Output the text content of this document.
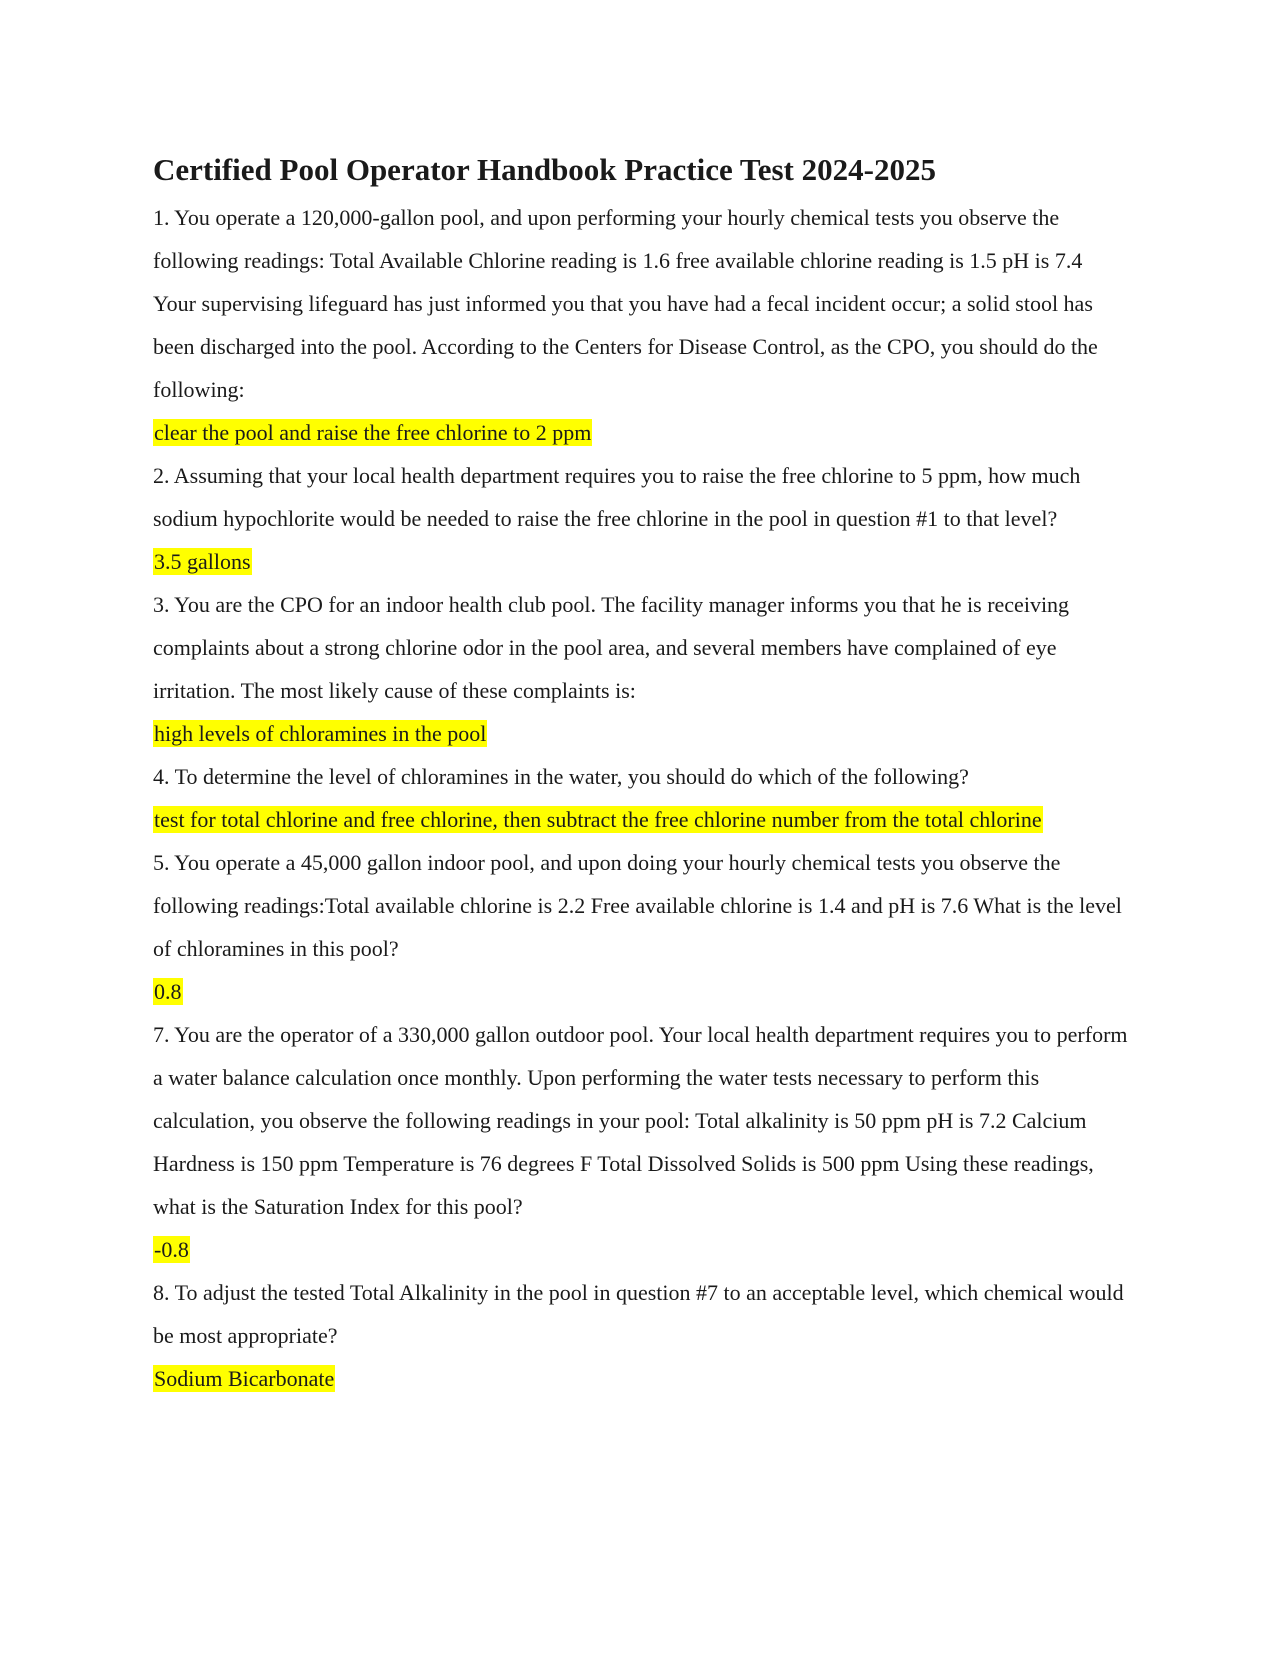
Certified Pool Operator Handbook Practice Test 2024-2025

1. You operate a 120,000-gallon pool, and upon performing your hourly chemical tests you observe the following readings: Total Available Chlorine reading is 1.6 free available chlorine reading is 1.5 pH is 7.4 Your supervising lifeguard has just informed you that you have had a fecal incident occur; a solid stool has been discharged into the pool. According to the Centers for Disease Control, as the CPO, you should do the following:

clear the pool and raise the free chlorine to 2 ppm

2. Assuming that your local health department requires you to raise the free chlorine to 5 ppm, how much sodium hypochlorite would be needed to raise the free chlorine in the pool in question #1 to that level?

3.5 gallons

3. You are the CPO for an indoor health club pool. The facility manager informs you that he is receiving complaints about a strong chlorine odor in the pool area, and several members have complained of eye irritation. The most likely cause of these complaints is:

high levels of chloramines in the pool

4. To determine the level of chloramines in the water, you should do which of the following?

test for total chlorine and free chlorine, then subtract the free chlorine number from the total chlorine

5. You operate a 45,000 gallon indoor pool, and upon doing your hourly chemical tests you observe the following readings:Total available chlorine is 2.2 Free available chlorine is 1.4 and pH is 7.6 What is the level of chloramines in this pool?

0.8

7. You are the operator of a 330,000 gallon outdoor pool. Your local health department requires you to perform a water balance calculation once monthly. Upon performing the water tests necessary to perform this calculation, you observe the following readings in your pool: Total alkalinity is 50 ppm pH is 7.2 Calcium Hardness is 150 ppm Temperature is 76 degrees F Total Dissolved Solids is 500 ppm Using these readings, what is the Saturation Index for this pool?

-0.8

8. To adjust the tested Total Alkalinity in the pool in question #7 to an acceptable level, which chemical would be most appropriate?

Sodium Bicarbonate
